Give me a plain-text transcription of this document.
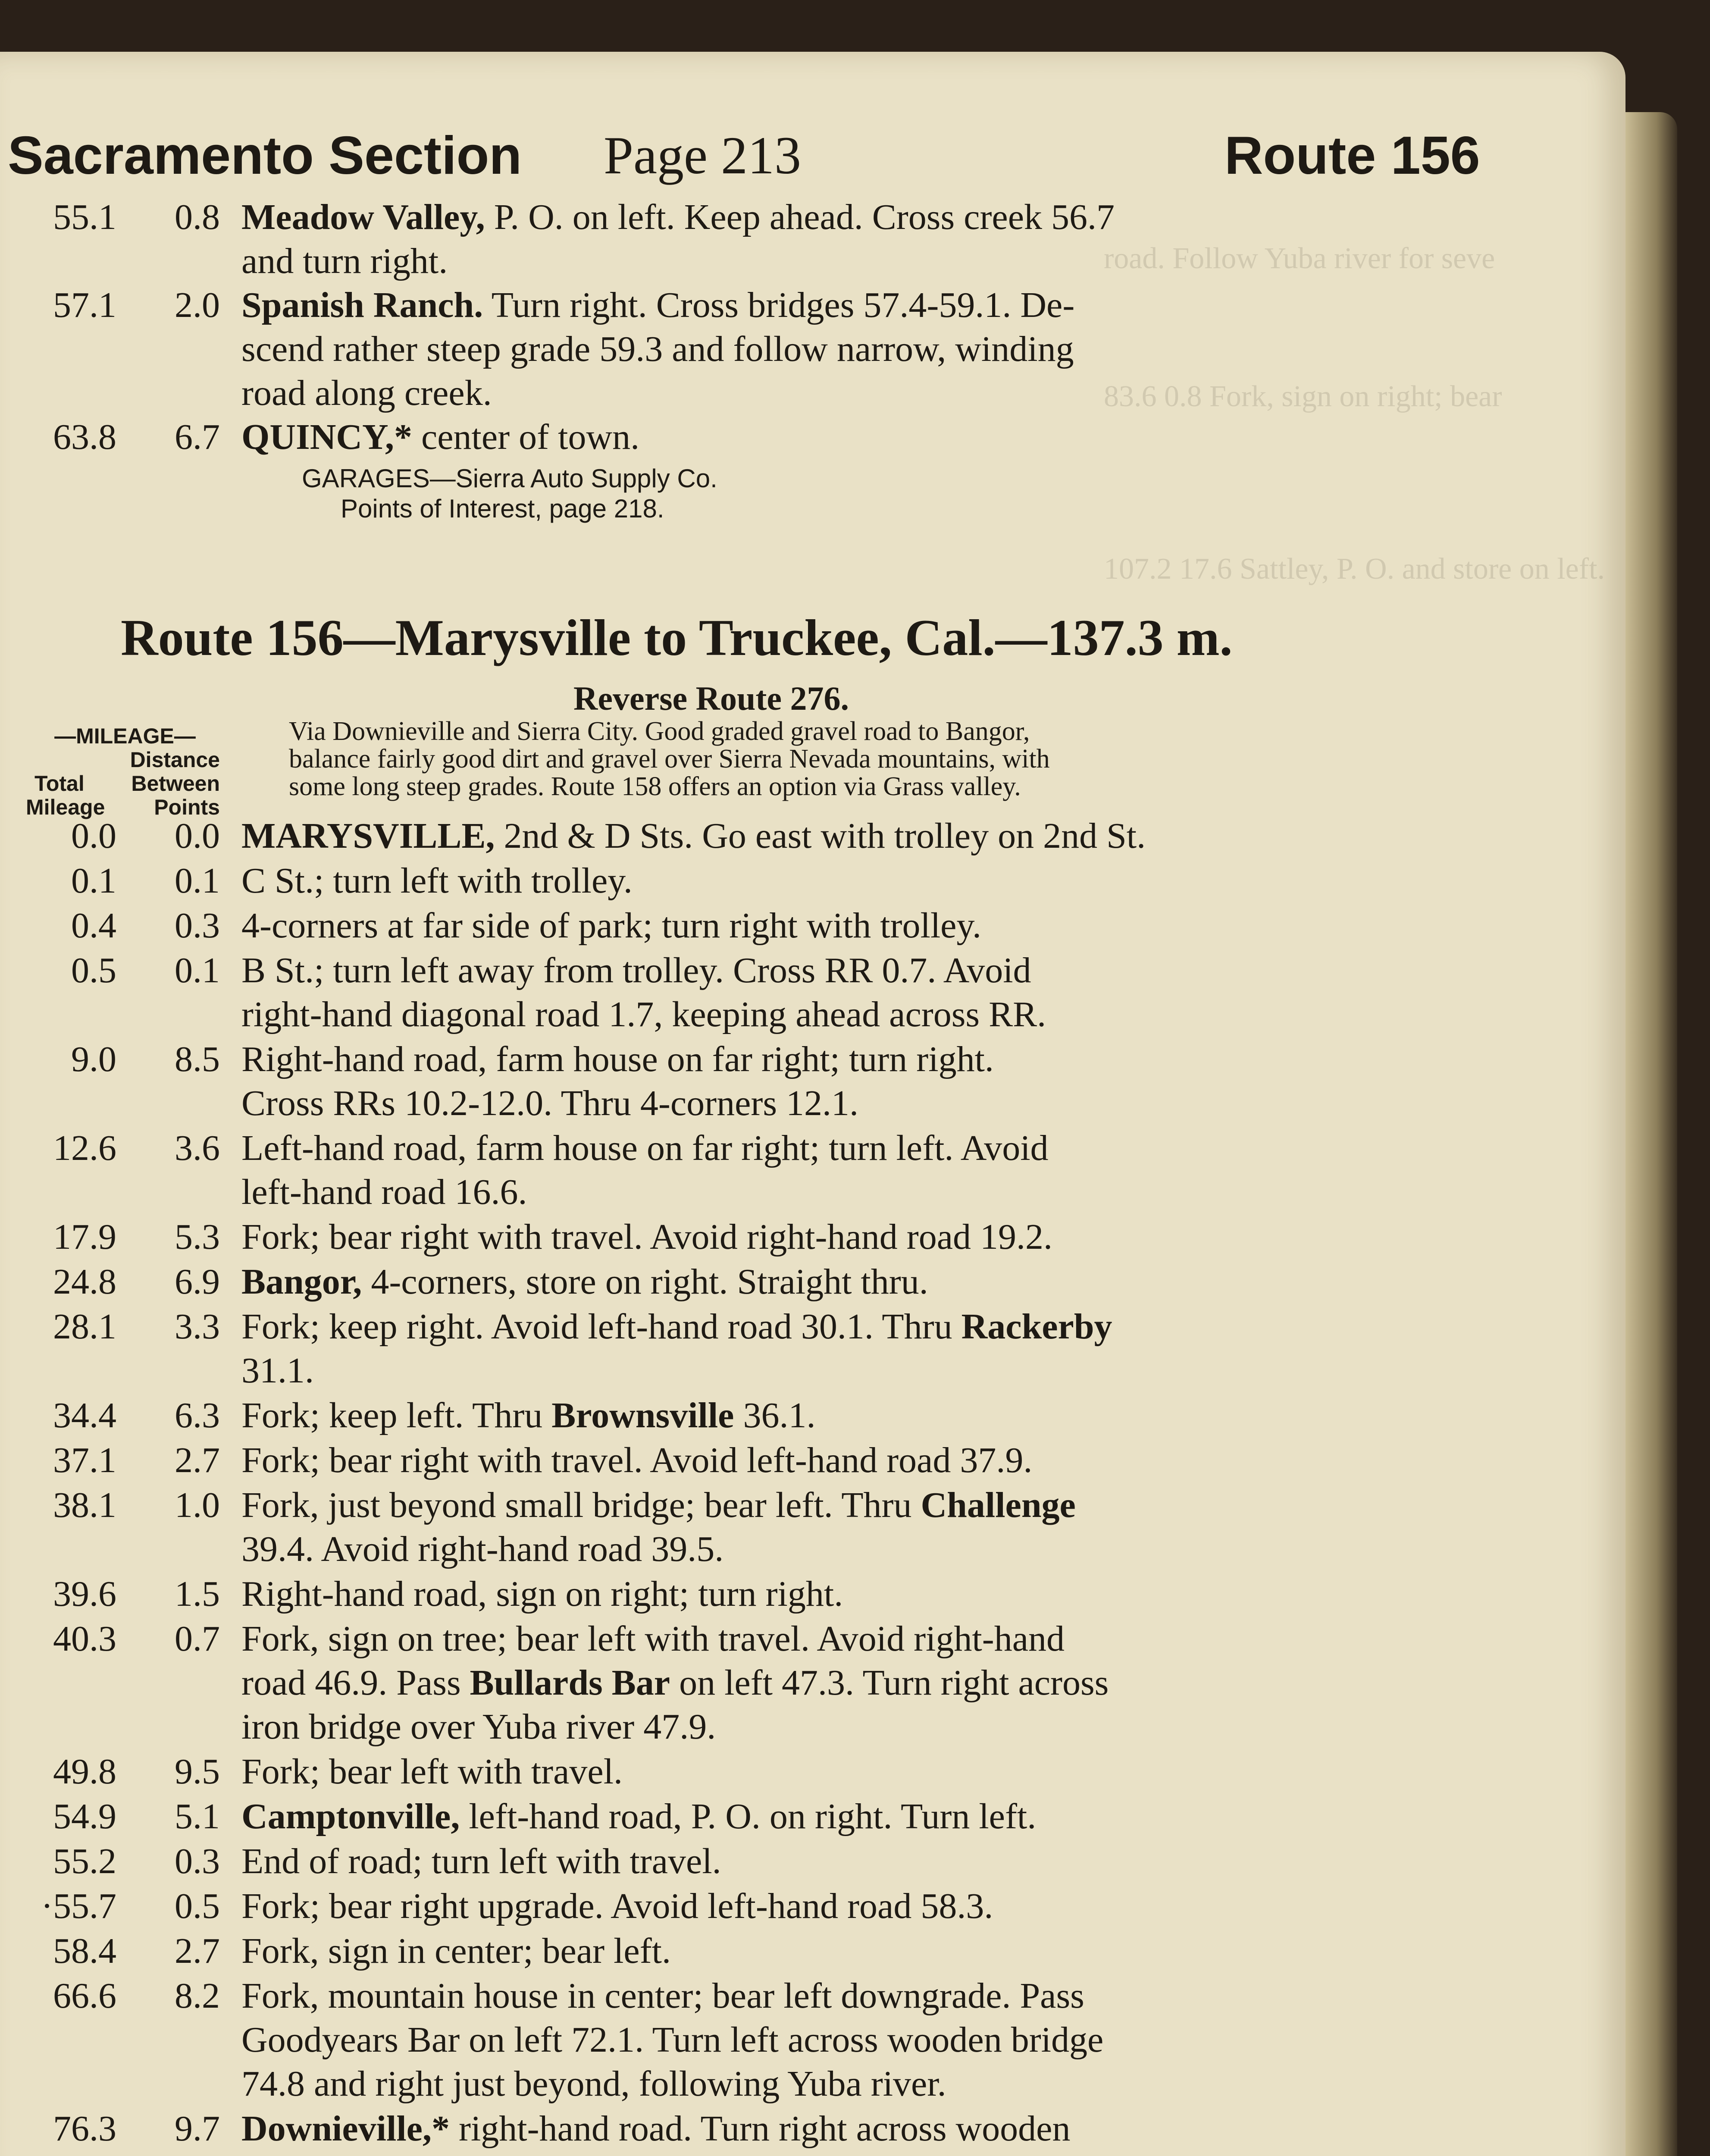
road. Follow Yuba river for seve
83.6 0.8 Fork, sign on right; bear
107.2 17.6 Sattley, P. O. and store on left.
Sacramento Section Page 213	Route 156
55.1	0.8 Meadow Valley, P. O. on left. Keep ahead. Cross creek 56.7
and turn right.
57.1	2.0 Spanish Ranch. Turn right. Cross bridges 57.4-59.1. De-
scend rather steep grade 59.3 and follow narrow, winding
road along creek.
63.8	6.7 QUINCY,* center of town.
GARAGES—Sierra Auto Supply Co.
Points of Interest, page 218.
Route 156—Marysville to Truckee, Cal.—137.3 m.
Reverse Route 276.
Via Downieville and Sierra City. Good graded gravel road to Bangor,
balance fairly good dirt and gravel over Sierra Nevada mountains, with
some long steep grades. Route 158 offers an option via Grass valley.
—MILEAGE—
Distance
Total Between
Mileage Points
0.0	0.0 MARYSVILLE, 2nd & D Sts. Go east with trolley on 2nd St.
0.1	0.1 C St.; turn left with trolley.
0.4	0.3 4-corners at far side of park; turn right with trolley.
0.5	0.1 B St.; turn left away from trolley. Cross RR 0.7. Avoid
right-hand diagonal road 1.7, keeping ahead across RR.
9.0	8.5 Right-hand road, farm house on far right; turn right.
Cross RRs 10.2-12.0. Thru 4-corners 12.1.
12.6	3.6 Left-hand road, farm house on far right; turn left. Avoid
left-hand road 16.6.
17.9	5.3 Fork; bear right with travel. Avoid right-hand road 19.2.
24.8	6.9 Bangor, 4-corners, store on right. Straight thru.
28.1	3.3 Fork; keep right. Avoid left-hand road 30.1. Thru Rackerby
31.1.
34.4	6.3 Fork; keep left. Thru Brownsville 36.1.
37.1	2.7 Fork; bear right with travel. Avoid left-hand road 37.9.
38.1	1.0 Fork, just beyond small bridge; bear left. Thru Challenge
39.4. Avoid right-hand road 39.5.
39.6	1.5 Right-hand road, sign on right; turn right.
40.3	0.7 Fork, sign on tree; bear left with travel. Avoid right-hand
road 46.9. Pass Bullards Bar on left 47.3. Turn right across
iron bridge over Yuba river 47.9.
49.8	9.5 Fork; bear left with travel.
54.9	5.1 Camptonville, left-hand road, P. O. on right. Turn left.
55.2	0.3 End of road; turn left with travel.
·55.7	0.5 Fork; bear right upgrade. Avoid left-hand road 58.3.
58.4	2.7 Fork, sign in center; bear left.
66.6	8.2 Fork, mountain house in center; bear left downgrade. Pass
Goodyears Bar on left 72.1. Turn left across wooden bridge
74.8 and right just beyond, following Yuba river.
76.3	9.7 Downieville,* right-hand road. Turn right across wooden
